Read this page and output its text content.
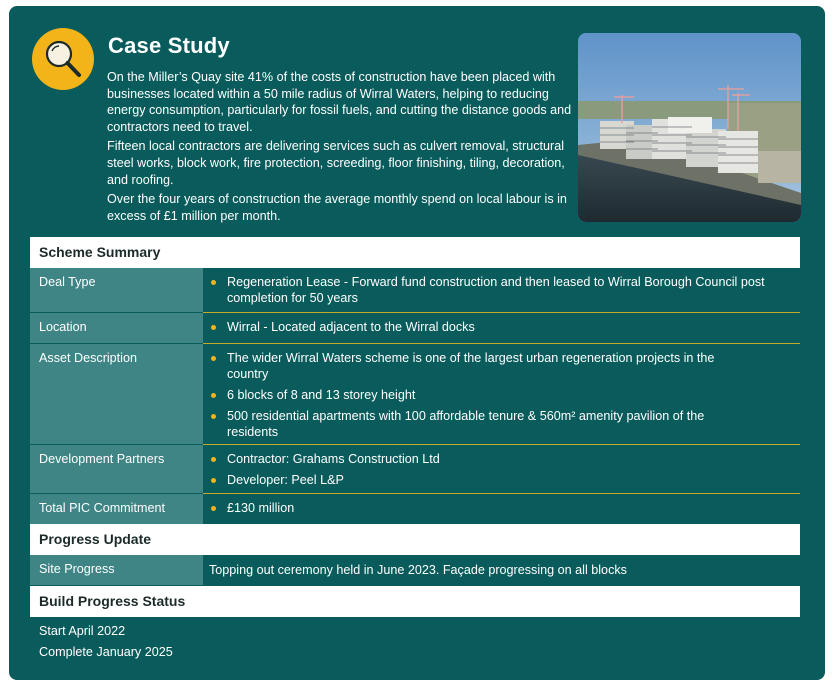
Case Study

On the Miller’s Quay site 41% of the costs of construction have been placed with businesses located within a 50 mile radius of Wirral Waters, helping to reducing energy consumption, particularly for fossil fuels, and cutting the distance goods and contractors need to travel.

Fifteen local contractors are delivering services such as culvert removal, structural steel works, block work, fire protection, screeding, floor finishing, tiling, decoration, and roofing.

Over the four years of construction the average monthly spend on local labour is in excess of £1 million per month.

Scheme Summary
Deal Type	Regeneration Lease - Forward fund construction and then leased to Wirral Borough Council post completion for 50 years
Location	Wirral - Located adjacent to the Wirral docks
Asset Description	The wider Wirral Waters scheme is one of the largest urban regeneration projects in the country
6 blocks of 8 and 13 storey height
500 residential apartments with 100 affordable tenure & 560m² amenity pavilion of the residents
Development Partners	Contractor: Grahams Construction Ltd
Developer: Peel L&P
Total PIC Commitment	£130 million
Progress Update
Site Progress	Topping out ceremony held in June 2023. Façade progressing on all blocks
Build Progress Status
Start April 2022
Complete January 2025
